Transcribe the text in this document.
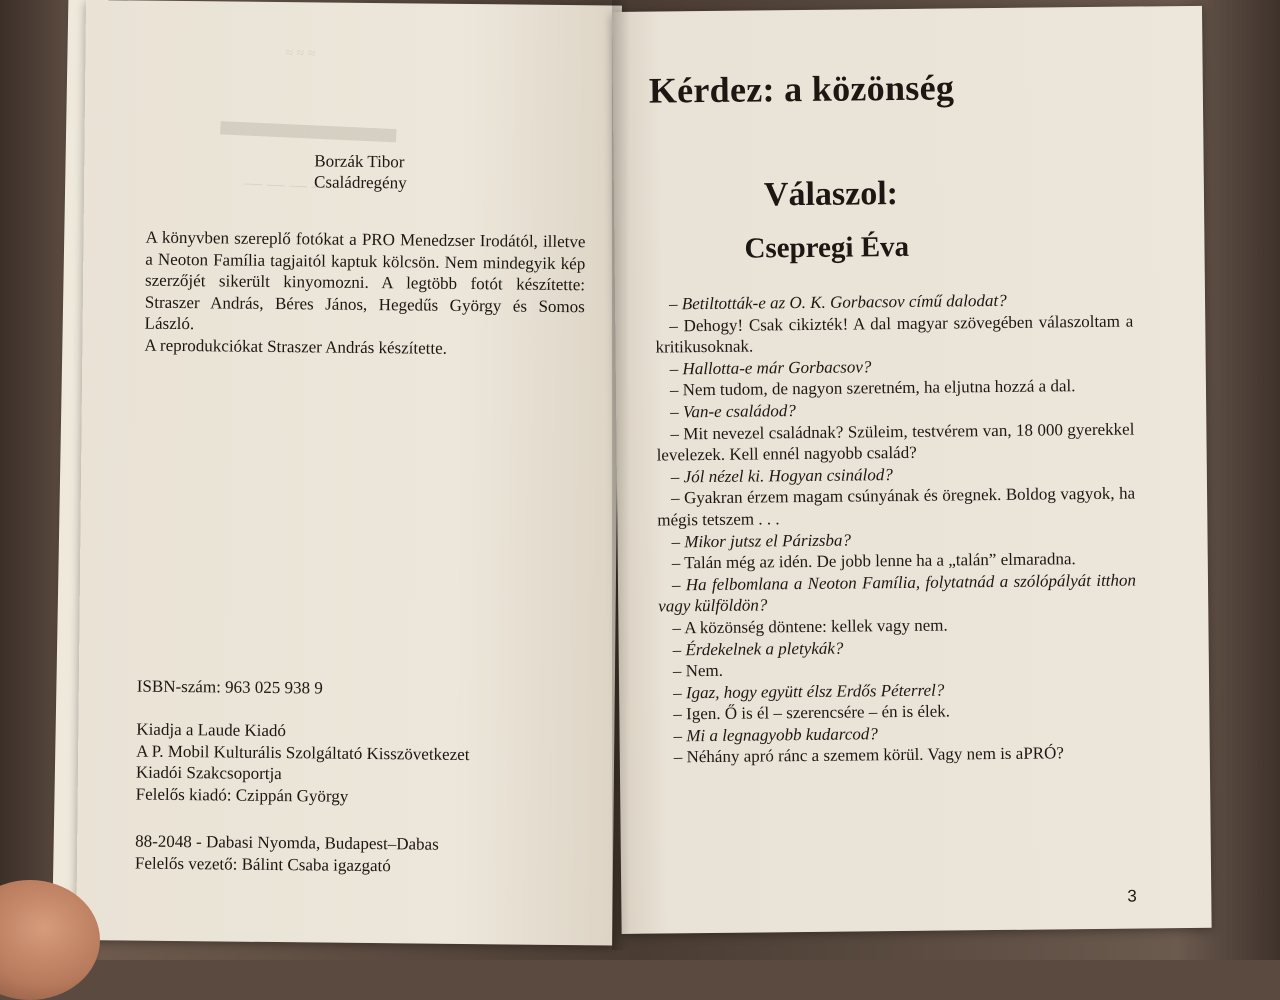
≈ ≈ ≈
▬▬▬▬
— — — —
Borzák Tibor
Családregény

A könyvben szereplő fotókat a PRO Menedzser Irodától, illetve a Neoton Família tagjaitól kaptuk kölcsön. Nem mindegyik kép szerzőjét sikerült kinyomozni. A legtöbb fotót készítette: Straszer András, Béres János, Hegedűs György és Somos László.

A reprodukciókat Straszer András készítette.

ISBN-szám: 963 025 938 9
Kiadja a Laude Kiadó
A P. Mobil Kulturális Szolgáltató Kisszövetkezet
Kiadói Szakcsoportja
Felelős kiadó: Czippán György
88-2048 - Dabasi Nyomda, Budapest–Dabas
Felelős vezető: Bálint Csaba igazgató
Kérdez: a közönség
Válaszol:
Csepregi Éva

– Betiltották-e az O. K. Gorbacsov című dalodat?

– Dehogy! Csak cikizték! A dal magyar szövegében válaszoltam a kritikusoknak.

– Hallotta-e már Gorbacsov?

– Nem tudom, de nagyon szeretném, ha eljutna hozzá a dal.

– Van-e családod?

– Mit nevezel családnak? Szüleim, testvérem van, 18 000 gyerekkel levelezek. Kell ennél nagyobb család?

– Jól nézel ki. Hogyan csinálod?

– Gyakran érzem magam csúnyának és öregnek. Boldog vagyok, ha mégis tetszem . . .

– Mikor jutsz el Párizsba?

– Talán még az idén. De jobb lenne ha a „talán” elmaradna.

– Ha felbomlana a Neoton Família, folytatnád a szólópályát itthon vagy külföldön?

– A közönség döntene: kellek vagy nem.

– Érdekelnek a pletykák?

– Nem.

– Igaz, hogy együtt élsz Erdős Péterrel?

– Igen. Ő is él – szerencsére – én is élek.

– Mi a legnagyobb kudarcod?

– Néhány apró ránc a szemem körül. Vagy nem is aPRÓ?

3
